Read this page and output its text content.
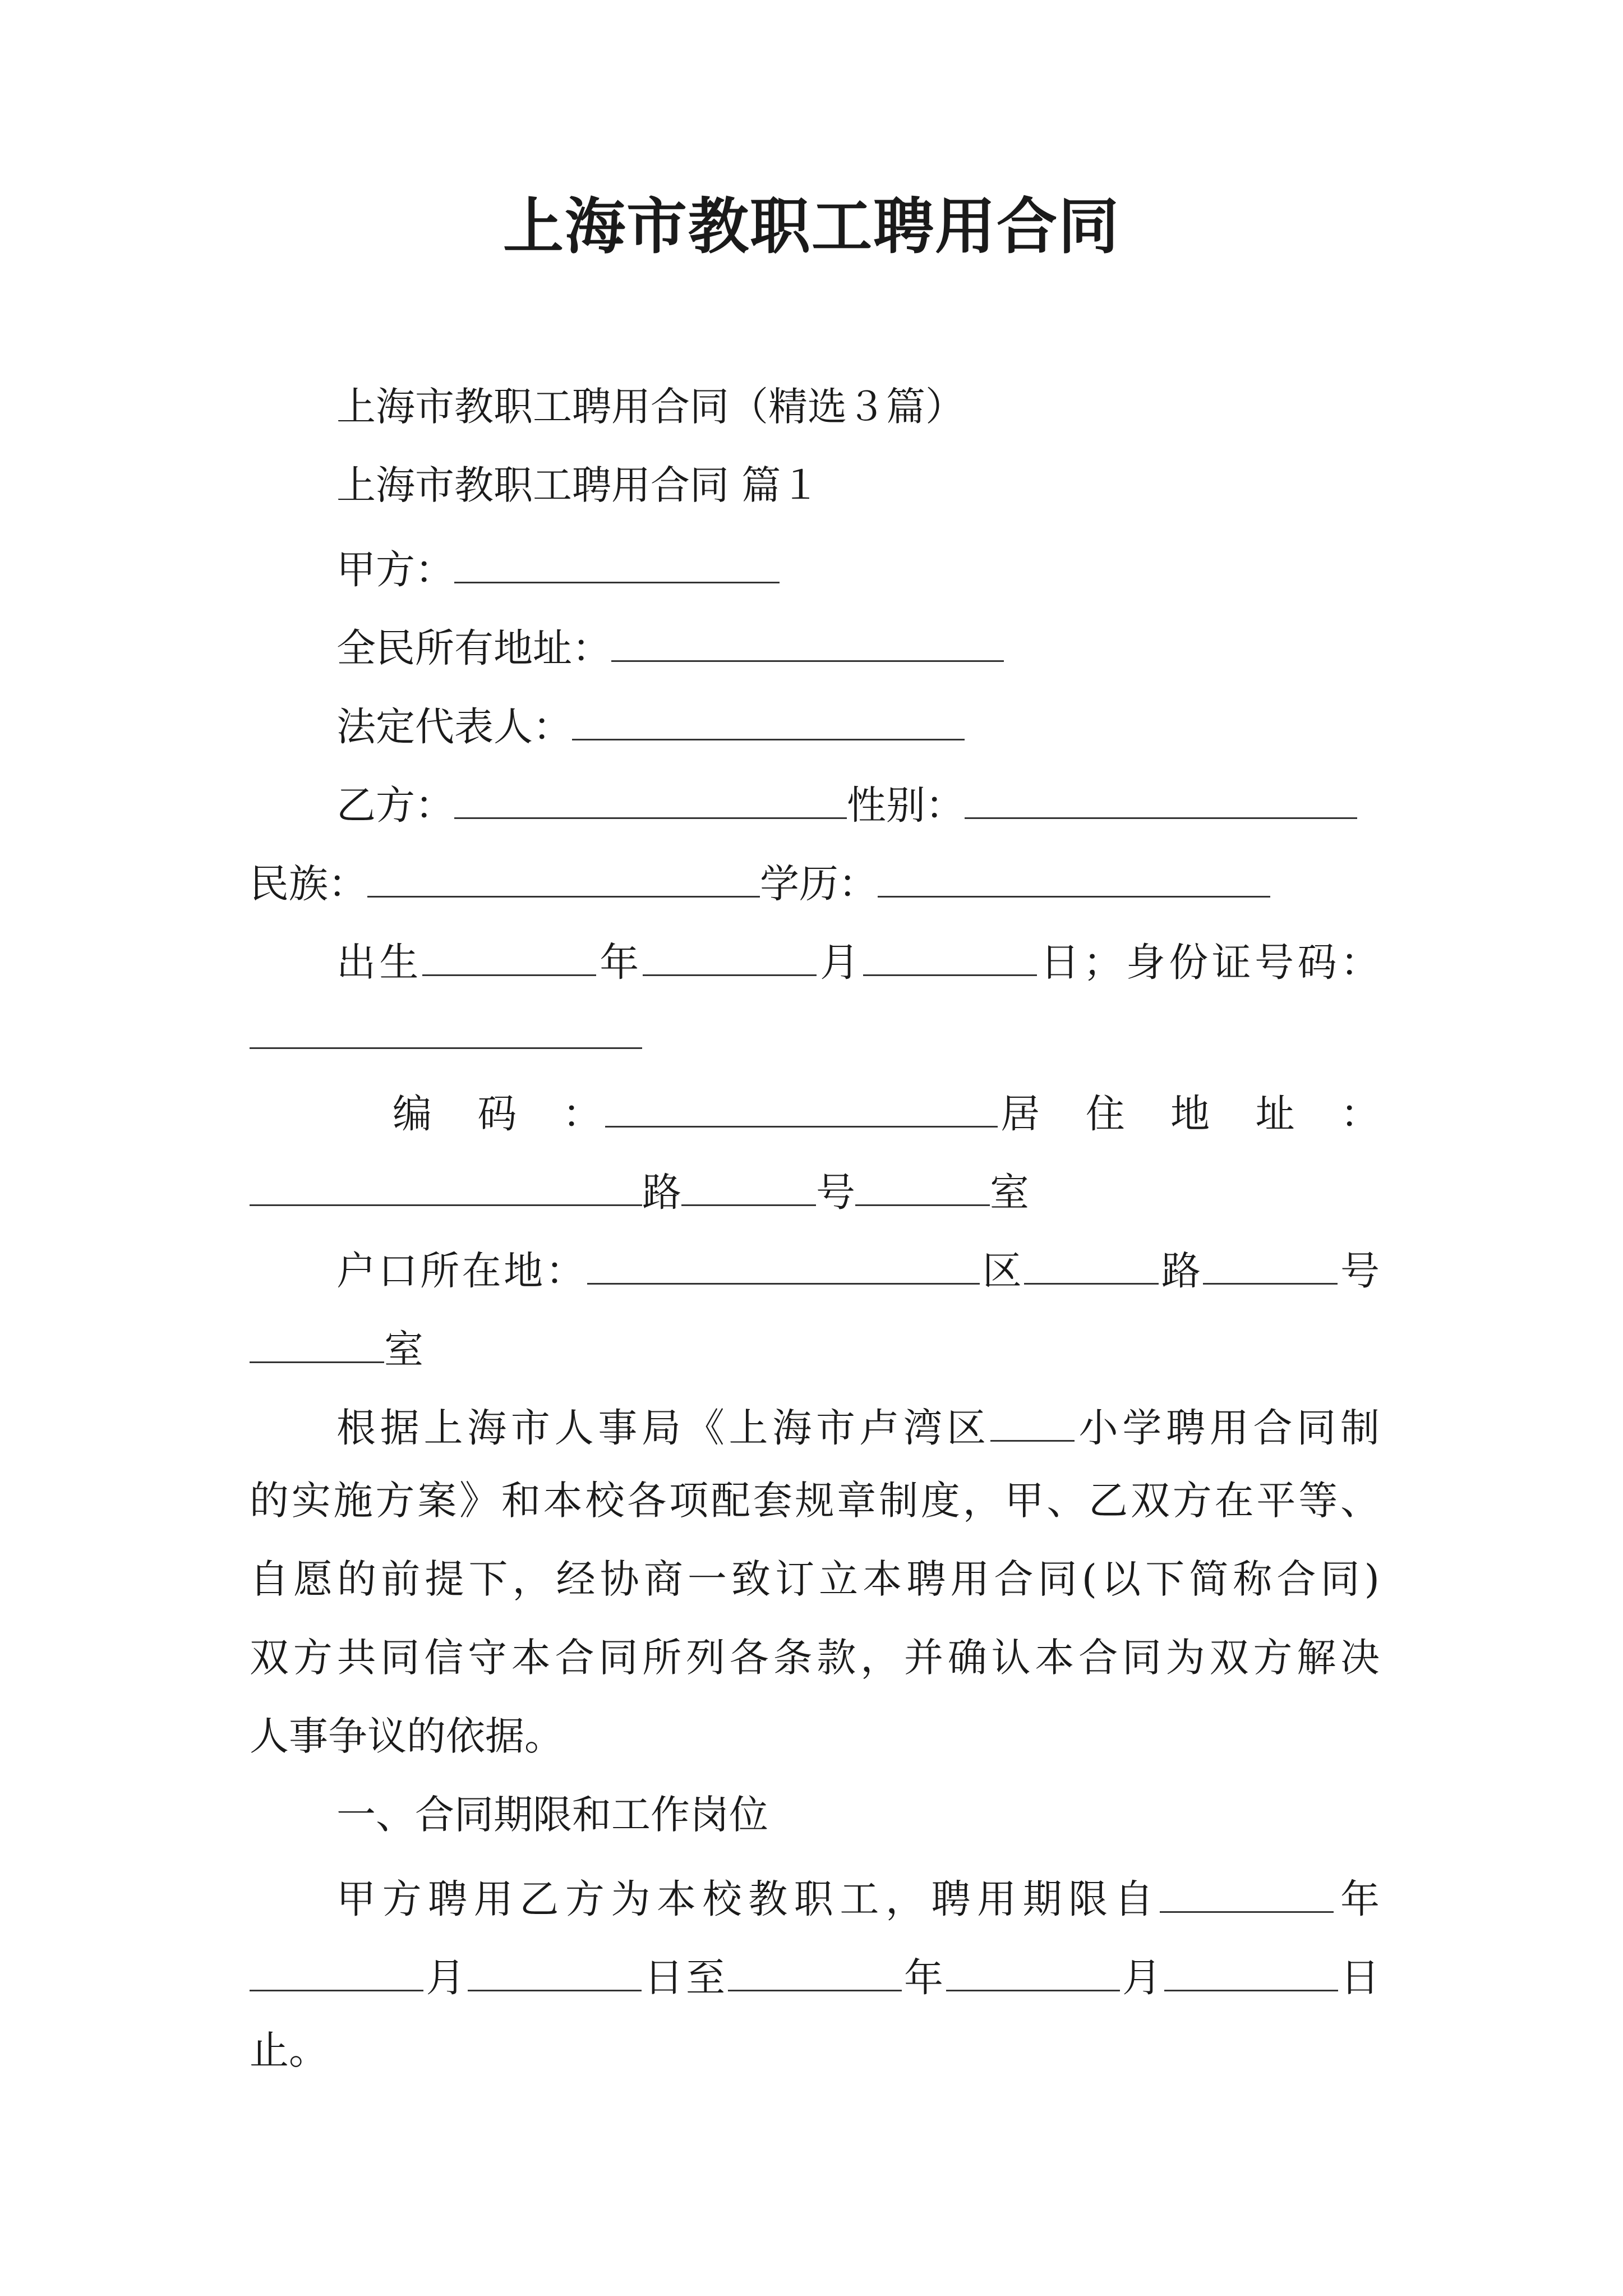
上海市教职工聘用合同
上海市教职工聘用合同（精选３篇）
上海市教职工聘用合同 篇１
甲方：
全民所有地址：
法定代表人：
乙方：	性别：
民族：	学历：
出生	年	月	日；身份证号码：
编　码　：	居　住　地　址　：
路	号	室
户口所在地：	区	路	号
室
根据上海市人事局《上海市卢湾区 小学聘用合同制
的实施方案》和本校各项配套规章制度，甲、乙双方在平等、
自愿的前提下，经协商一致订立本聘用合同(以下简称合同)
双方共同信守本合同所列各条款，并确认本合同为双方解决
人事争议的依据。
一、合同期限和工作岗位
甲方聘用乙方为本校教职工，聘用期限自	年
月	日至	年	月	日
止。
